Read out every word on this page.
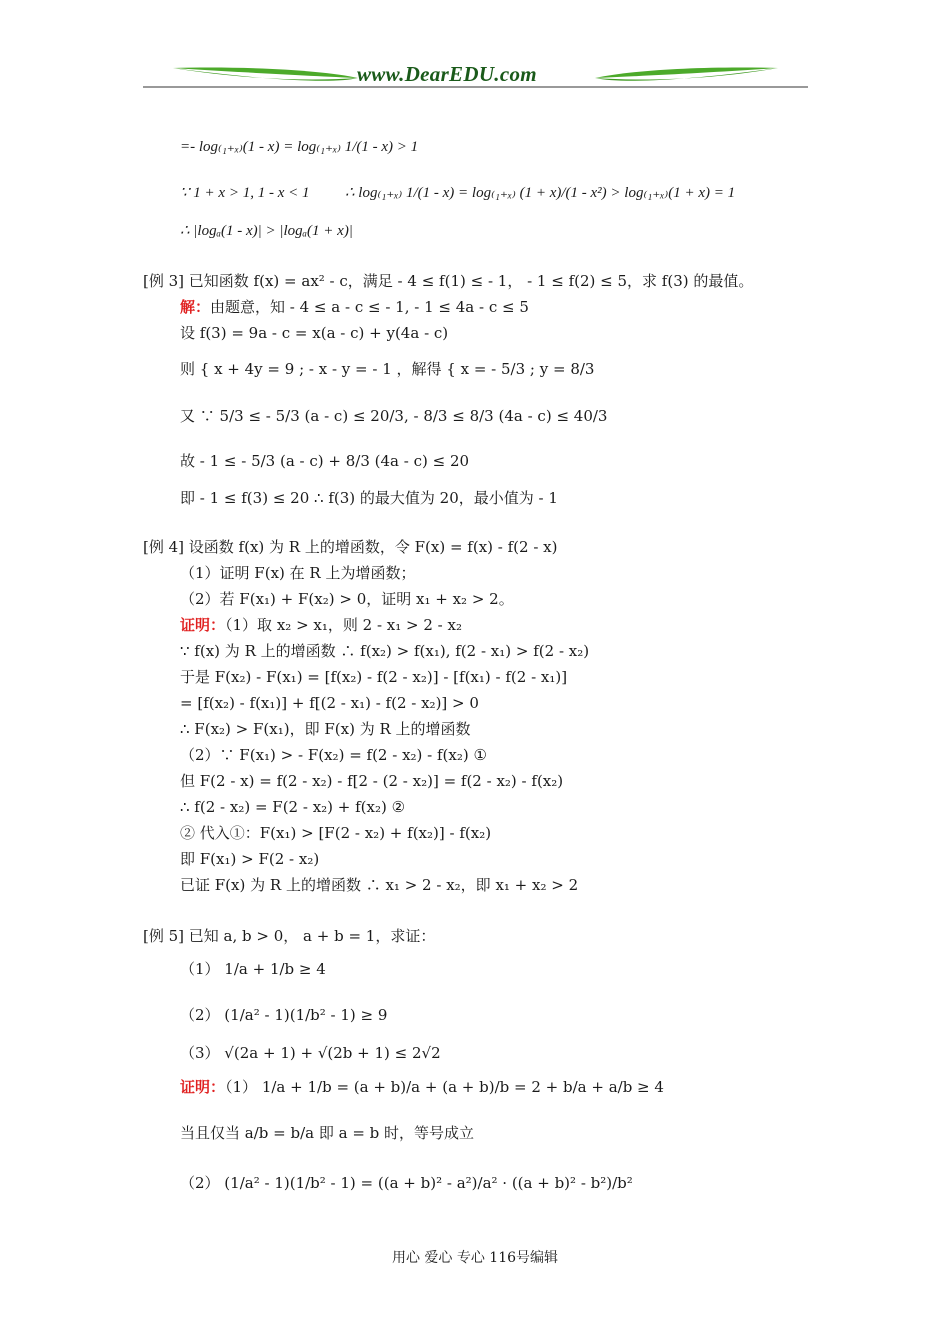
www.DearEDU.com
=- log₍₁₊ₓ₎(1 - x) = log₍₁₊ₓ₎ 1/(1 - x) > 1
∵ 1 + x > 1, 1 - x < 1 ∴ log₍₁₊ₓ₎ 1/(1 - x) = log₍₁₊ₓ₎ (1 + x)/(1 - x²) > log₍₁₊ₓ₎(1 + x) = 1
∴ |logₐ(1 - x)| > |logₐ(1 + x)|
[例 3] 已知函数 f(x) = ax² - c，满足 - 4 ≤ f(1) ≤ - 1， - 1 ≤ f(2) ≤ 5，求 f(3) 的最值。
解：由题意，知 - 4 ≤ a - c ≤ - 1, - 1 ≤ 4a - c ≤ 5
设 f(3) = 9a - c = x(a - c) + y(4a - c)
则 { x + 4y = 9 ; - x - y = - 1 ，解得 { x = - 5/3 ; y = 8/3
又 ∵ 5/3 ≤ - 5/3 (a - c) ≤ 20/3, - 8/3 ≤ 8/3 (4a - c) ≤ 40/3
故 - 1 ≤ - 5/3 (a - c) + 8/3 (4a - c) ≤ 20
即 - 1 ≤ f(3) ≤ 20 ∴ f(3) 的最大值为 20，最小值为 - 1
[例 4] 设函数 f(x) 为 R 上的增函数，令 F(x) = f(x) - f(2 - x)
（1）证明 F(x) 在 R 上为增函数；
（2）若 F(x₁) + F(x₂) > 0，证明 x₁ + x₂ > 2。
证明：（1）取 x₂ > x₁，则 2 - x₁ > 2 - x₂
∵ f(x) 为 R 上的增函数 ∴ f(x₂) > f(x₁), f(2 - x₁) > f(2 - x₂)
于是 F(x₂) - F(x₁) = [f(x₂) - f(2 - x₂)] - [f(x₁) - f(2 - x₁)]
= [f(x₂) - f(x₁)] + f[(2 - x₁) - f(2 - x₂)] > 0
∴ F(x₂) > F(x₁)，即 F(x) 为 R 上的增函数
（2）∵ F(x₁) > - F(x₂) = f(2 - x₂) - f(x₂) ①
但 F(2 - x) = f(2 - x₂) - f[2 - (2 - x₂)] = f(2 - x₂) - f(x₂)
∴ f(2 - x₂) = F(2 - x₂) + f(x₂) ②
② 代入①：F(x₁) > [F(2 - x₂) + f(x₂)] - f(x₂)
即 F(x₁) > F(2 - x₂)
已证 F(x) 为 R 上的增函数 ∴ x₁ > 2 - x₂，即 x₁ + x₂ > 2
[例 5] 已知 a, b > 0， a + b = 1，求证：
（1） 1/a + 1/b ≥ 4
（2） (1/a² - 1)(1/b² - 1) ≥ 9
（3） √(2a + 1) + √(2b + 1) ≤ 2√2
证明：（1） 1/a + 1/b = (a + b)/a + (a + b)/b = 2 + b/a + a/b ≥ 4
当且仅当 a/b = b/a 即 a = b 时，等号成立
（2） (1/a² - 1)(1/b² - 1) = ((a + b)² - a²)/a² · ((a + b)² - b²)/b²
用心 爱心 专心 116号编辑
